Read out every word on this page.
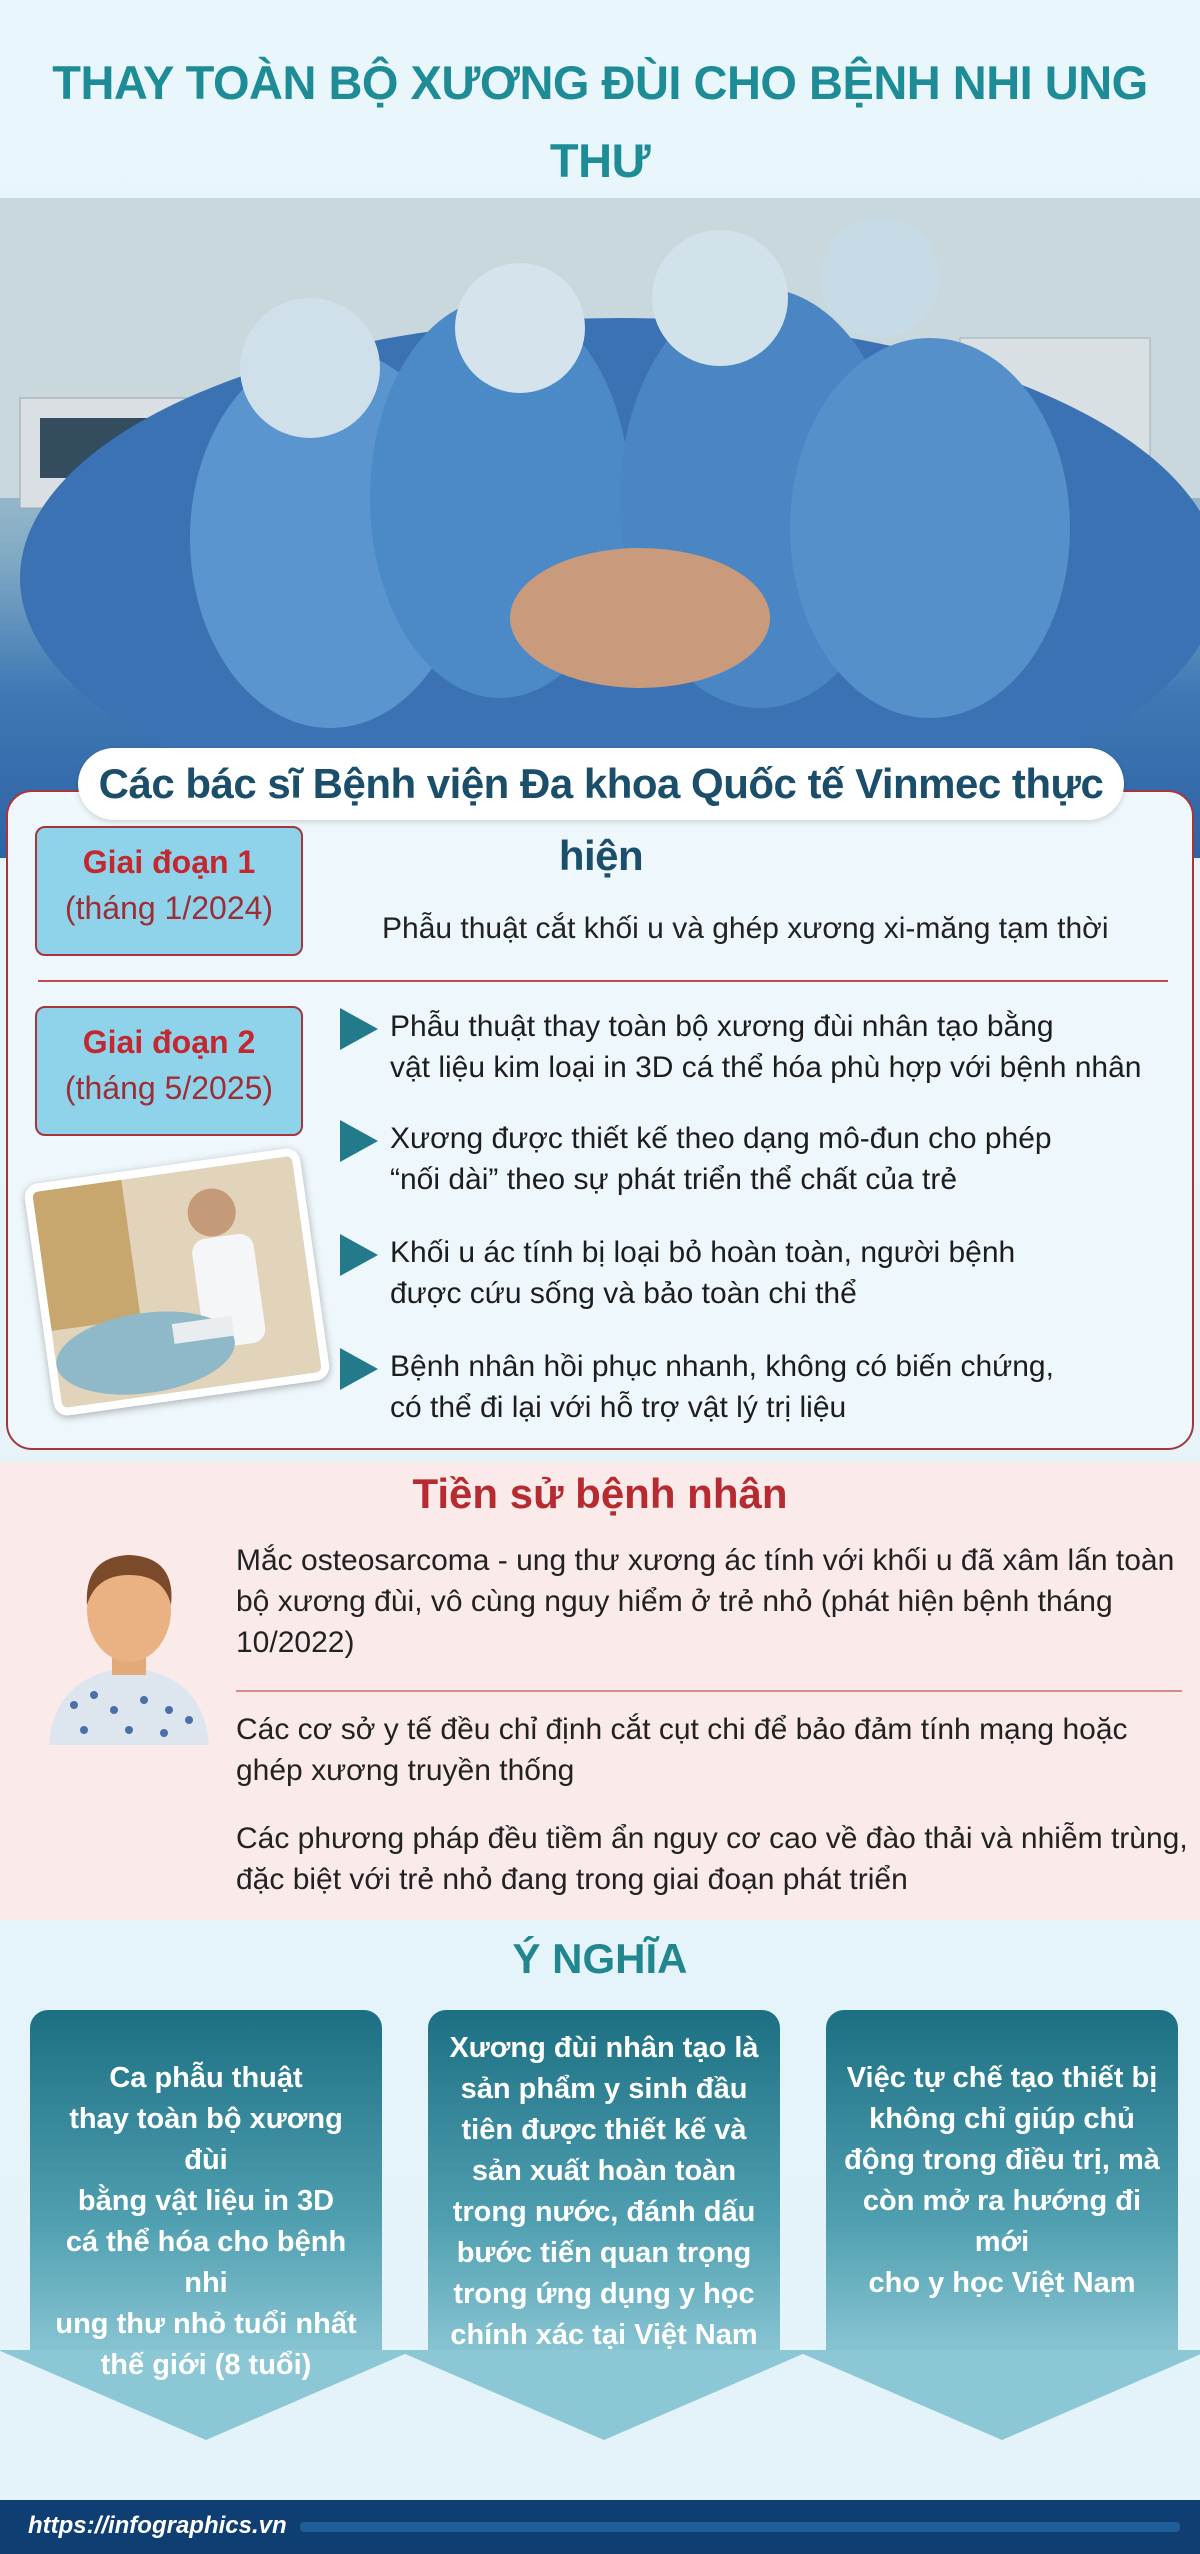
THAY TOÀN BỘ XƯƠNG ĐÙI CHO BỆNH NHI UNG THƯ
Các bác sĩ Bệnh viện Đa khoa Quốc tế Vinmec thực hiện
Giai đoạn 1
(tháng 1/2024)
Phẫu thuật cắt khối u và ghép xương xi-măng tạm thời
Giai đoạn 2
(tháng 5/2025)
Phẫu thuật thay toàn bộ xương đùi nhân tạo bằng
vật liệu kim loại in 3D cá thể hóa phù hợp với bệnh nhân
Xương được thiết kế theo dạng mô-đun cho phép
“nối dài” theo sự phát triển thể chất của trẻ
Khối u ác tính bị loại bỏ hoàn toàn, người bệnh
được cứu sống và bảo toàn chi thể
Bệnh nhân hồi phục nhanh, không có biến chứng,
có thể đi lại với hỗ trợ vật lý trị liệu
Tiền sử bệnh nhân
Mắc osteosarcoma - ung thư xương ác tính với khối u đã xâm lấn toàn
bộ xương đùi, vô cùng nguy hiểm ở trẻ nhỏ (phát hiện bệnh tháng
10/2022)
Các cơ sở y tế đều chỉ định cắt cụt chi để bảo đảm tính mạng hoặc
ghép xương truyền thống
Các phương pháp đều tiềm ẩn nguy cơ cao về đào thải và nhiễm trùng,
đặc biệt với trẻ nhỏ đang trong giai đoạn phát triển
Ý NGHĨA
Ca phẫu thuật
thay toàn bộ xương đùi
bằng vật liệu in 3D
cá thể hóa cho bệnh nhi
ung thư nhỏ tuổi nhất
thế giới (8 tuổi)
Xương đùi nhân tạo là
sản phẩm y sinh đầu
tiên được thiết kế và
sản xuất hoàn toàn
trong nước, đánh dấu
bước tiến quan trọng
trong ứng dụng y học
chính xác tại Việt Nam
Việc tự chế tạo thiết bị
không chỉ giúp chủ
động trong điều trị, mà
còn mở ra hướng đi mới
cho y học Việt Nam
https://infographics.vn
